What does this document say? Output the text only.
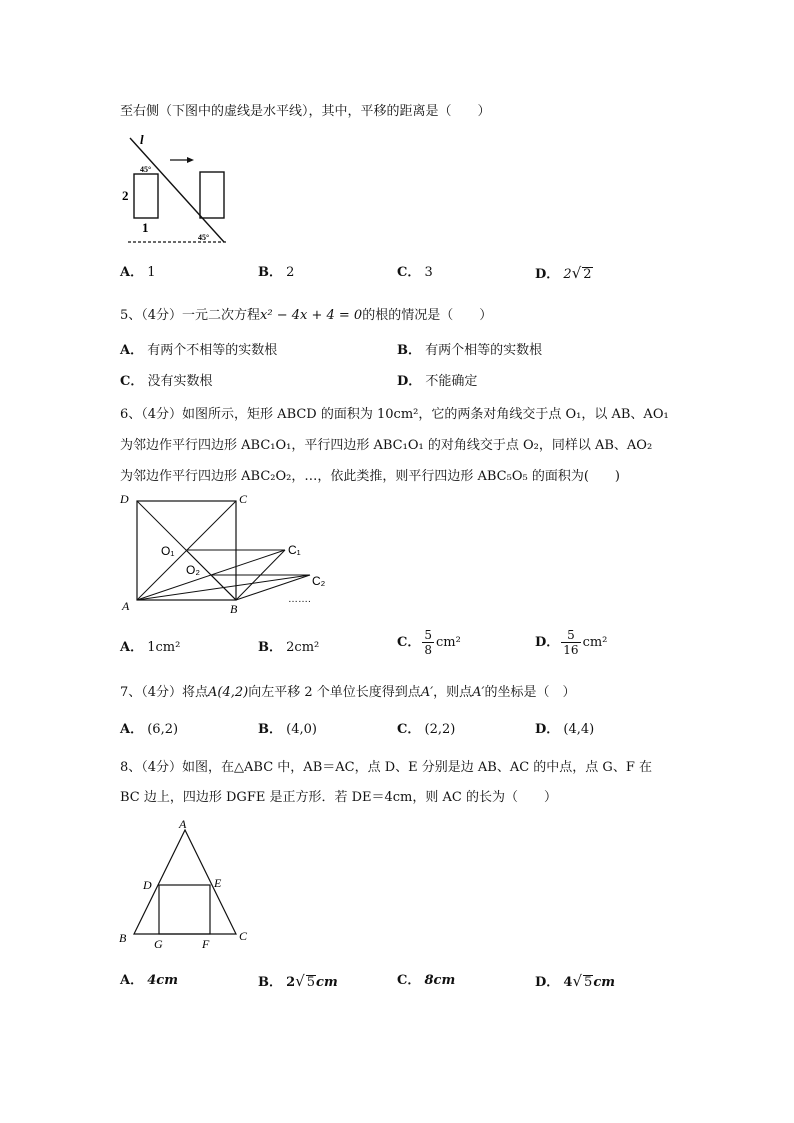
至右侧（下图中的虚线是水平线），其中，平移的距离是（　　）
l
2
1
45°
45°
A． 1	B． 2	C． 3	D． 2√ 2
5、（4分）一元二次方程x² − 4x + 4 = 0的根的情况是（　　）
A． 有两个不相等的实数根	B． 有两个相等的实数根
C． 没有实数根	D． 不能确定
6、（4分）如图所示，矩形 ABCD 的面积为 10cm²，它的两条对角线交于点 O₁，以 AB、AO₁
为邻边作平行四边形 ABC₁O₁，平行四边形 ABC₁O₁ 的对角线交于点 O₂，同样以 AB、AO₂
为邻边作平行四边形 ABC₂O₂，…，依此类推，则平行四边形 ABC₅O₅ 的面积为(　　)
D	C
A	B
O₁
O₂
C₁
C₂
…….
A． 1cm²	B． 2cm²	C． $\frac{5}{8} cm^2$	D． $\frac{5}{16} cm^2$
7、（4分）将点A(4,2)向左平移 2 个单位长度得到点A′，则点A′的坐标是（　）
A． (6,2)	B． (4,0)	C． (2,2)	D． (4,4)
8、（4分）如图，在△ABC 中，AB＝AC，点 D、E 分别是边 AB、AC 的中点，点 G、F 在
BC 边上，四边形 DGFE 是正方形．若 DE＝4cm，则 AC 的长为（　　）
A
B	C
D	E
G	F
A． 4cm	B． 2√ 5cm	C． 8cm	D． 4√ 5cm
